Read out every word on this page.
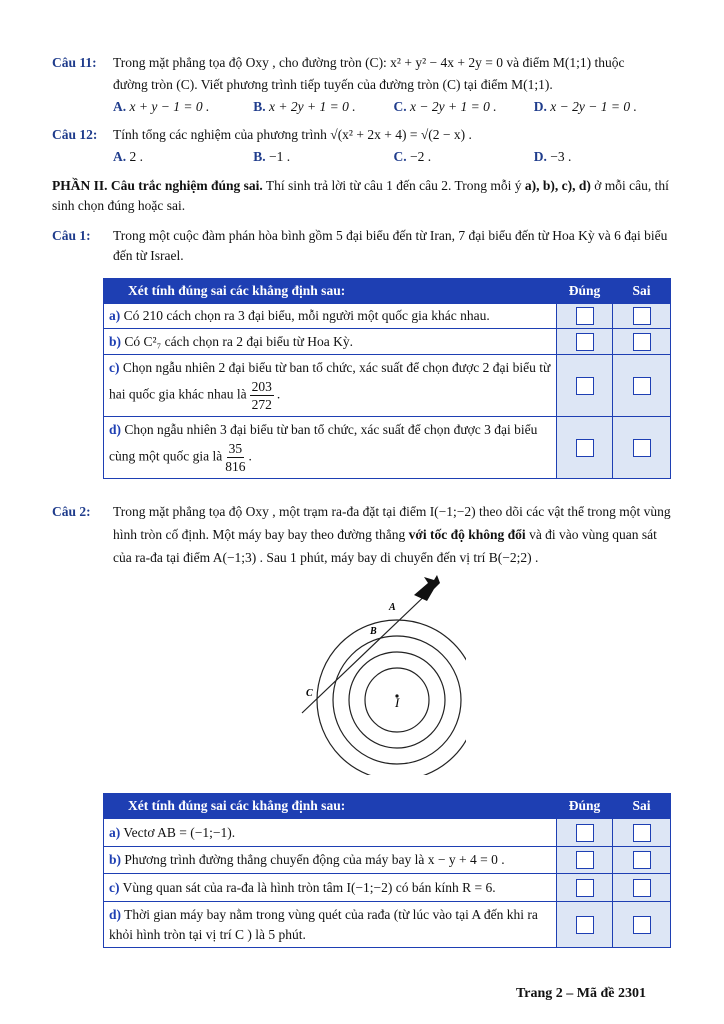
Câu 11: Trong mặt phẳng tọa độ Oxy , cho đường tròn (C): x² + y² − 4x + 2y = 0 và điểm M(1;1) thuộc
đường tròn (C). Viết phương trình tiếp tuyến của đường tròn (C) tại điểm M(1;1).
A. x + y − 1 = 0 .	B. x + 2y + 1 = 0 .	C. x − 2y + 1 = 0 .	D. x − 2y − 1 = 0 .
Câu 12: Tính tổng các nghiệm của phương trình √(x² + 2x + 4) = √(2 − x) .
A. 2 .	B. −1 .	C. −2 .	D. −3 .
PHẦN II. Câu trắc nghiệm đúng sai. Thí sinh trả lời từ câu 1 đến câu 2. Trong mỗi ý a), b), c), d) ở mỗi câu, thí sinh chọn đúng hoặc sai.
Câu 1: Trong một cuộc đàm phán hòa bình gồm 5 đại biểu đến từ Iran, 7 đại biểu đến từ Hoa Kỳ và 6 đại biểu đến từ Israel.
Xét tính đúng sai các khẳng định sau:	Đúng	Sai
a) Có 210 cách chọn ra 3 đại biểu, mỗi người một quốc gia khác nhau.		
b) Có C²₇ cách chọn ra 2 đại biểu từ Hoa Kỳ.		
c) Chọn ngẫu nhiên 2 đại biểu từ ban tổ chức, xác suất để chọn được 2 đại biểu từ hai quốc gia khác nhau là $\frac{203}{272}$ .		
d) Chọn ngẫu nhiên 3 đại biểu từ ban tổ chức, xác suất để chọn được 3 đại biểu cùng một quốc gia là $\frac{35}{816}$ .		
Câu 2: Trong mặt phẳng tọa độ Oxy , một trạm ra-đa đặt tại điểm I(−1;−2) theo dõi các vật thể trong một vùng hình tròn cố định. Một máy bay bay theo đường thẳng với tốc độ không đổi và đi vào vùng quan sát của ra-đa tại điểm A(−1;3) . Sau 1 phút, máy bay di chuyển đến vị trí B(−2;2) .
A
B
C
I
Xét tính đúng sai các khẳng định sau:	Đúng	Sai
a) Vectơ AB = (−1;−1).		
b) Phương trình đường thẳng chuyển động của máy bay là x − y + 4 = 0 .		
c) Vùng quan sát của ra-đa là hình tròn tâm I(−1;−2) có bán kính R = 6.		
d) Thời gian máy bay nằm trong vùng quét của rađa (từ lúc vào tại A đến khi ra khỏi hình tròn tại vị trí C ) là 5 phút.		
Trang 2 – Mã đề 2301
